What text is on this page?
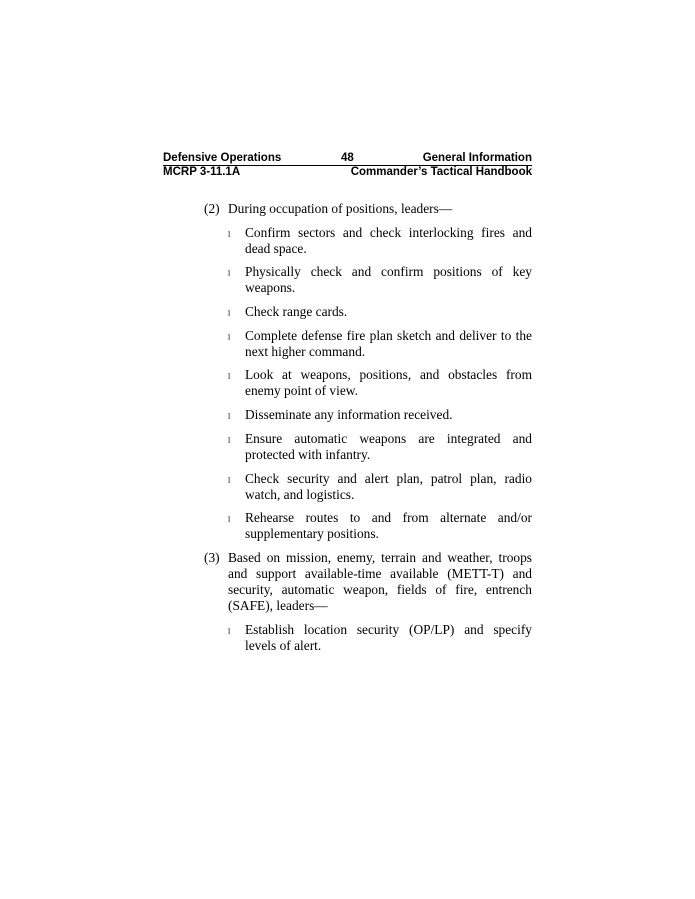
Defensive Operations	48	General Information
MCRP 3-11.1A	Commander’s Tactical Handbook
(2) During occupation of positions, leaders—
l Confirm sectors and check interlocking fires and dead space.
l Physically check and confirm positions of key weapons.
l Check range cards.
l Complete defense fire plan sketch and deliver to the next higher command.
l Look at weapons, positions, and obstacles from enemy point of view.
l Disseminate any information received.
l Ensure automatic weapons are integrated and protected with infantry.
l Check security and alert plan, patrol plan, radio watch, and logistics.
l Rehearse routes to and from alternate and/or supplementary positions.
(3) Based on mission, enemy, terrain and weather, troops and support available-time available (METT-T) and security, automatic weapon, fields of fire, entrench (SAFE), leaders—
l Establish location security (OP/LP) and specify levels of alert.
